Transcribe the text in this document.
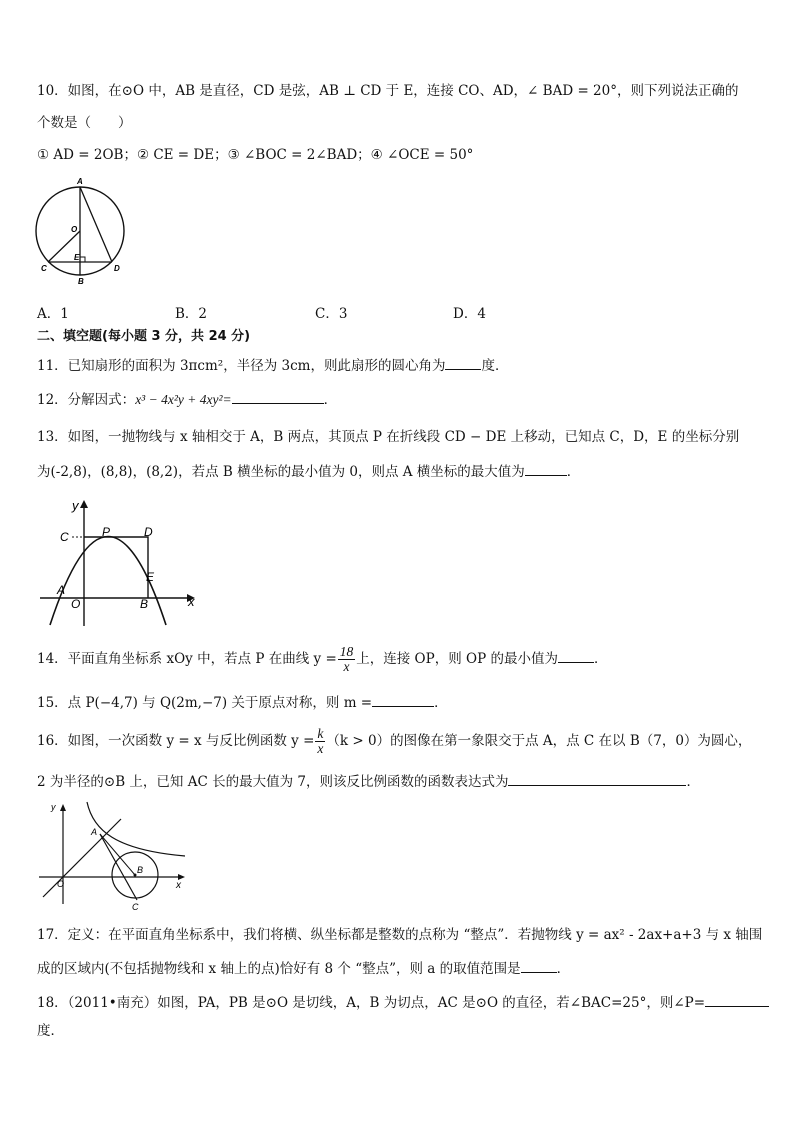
10．如图，在⊙O 中，AB 是直径，CD 是弦，AB ⊥ CD 于 E，连接 CO、AD，∠ BAD = 20°，则下列说法正确的
个数是（　　）
① AD = 2OB；② CE = DE；③ ∠BOC = 2∠BAD；④ ∠OCE = 50°
A
O
E
C
B
D
A．1	B．2	C．3	D．4
二、填空题(每小题 3 分，共 24 分)
11．已知扇形的面积为 3πcm²，半径为 3cm，则此扇形的圆心角为	度．
12．分解因式：x³ − 4x²y + 4xy²=	．
13．如图，一抛物线与 x 轴相交于 A，B 两点，其顶点 P 在折线段 CD − DE 上移动，已知点 C，D，E 的坐标分别
为(-2,8)，(8,8)，(8,2)，若点 B 横坐标的最小值为 0，则点 A 横坐标的最大值为	．
y
x
C	P	D
E
A
O	B
14．平面直角坐标系 xOy 中，若点 P 在曲线 $y = \frac{18}{x}$ 上，连接 OP，则 OP 的最小值为	．
15．点 P(−4,7) 与 Q(2m,−7) 关于原点对称，则 m =	．
16．如图，一次函数 y = x 与反比例函数 $y = \frac{k}{x} (k > 0)$的图像在第一象限交于点 A，点 C 在以 B（7，0）为圆心，
2 为半径的⊙B 上，已知 AC 长的最大值为 7，则该反比例函数的函数表达式为	．
y
x
A
O
B
C
17．定义：在平面直角坐标系中，我们将横、纵坐标都是整数的点称为 “整点”．若抛物线 y = ax² - 2ax+a+3 与 x 轴围
成的区域内(不包括抛物线和 x 轴上的点)恰好有 8 个 “整点”，则 a 的取值范围是	．
18．（2011•南充）如图，PA，PB 是⊙O 是切线，A，B 为切点，AC 是⊙O 的直径，若∠BAC=25°，则∠P=
度．
